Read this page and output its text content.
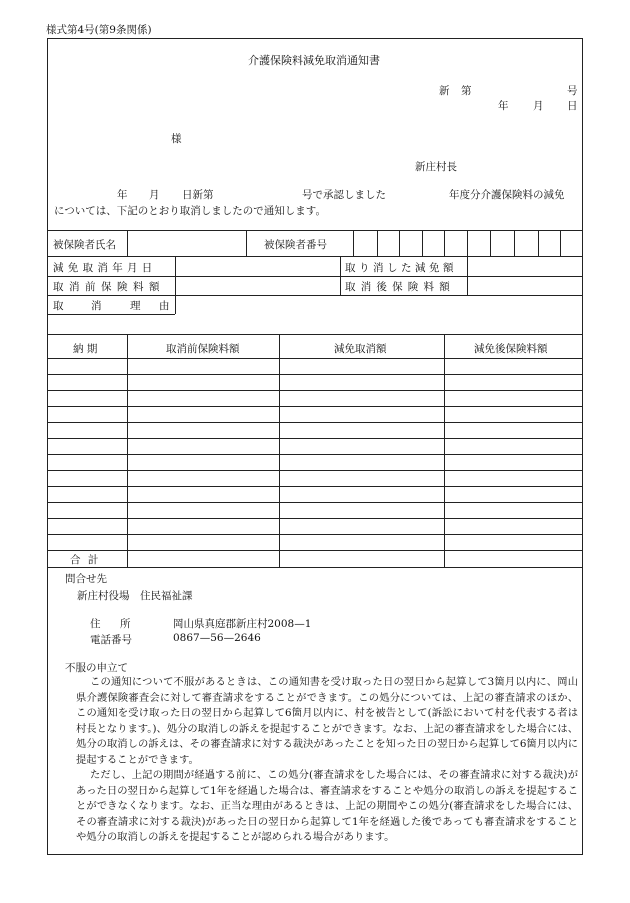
様式第4号(第9条関係)
介護保険料減免取消通知書
新 第	号
年 月 日
様
新庄村長
年 月 日新第	号で承認しました	年度分介護保険料の減免
については、下記のとおり取消しましたので通知します。
被保険者氏名	被保険者番号
減免取消年月日	取り消した減免額
取消前保険料額	取消後保険料額
取	消	理 由
納 期	取消前保険料額	減免取消額	減免後保険料額
合 計
問合せ先
新庄村役場　住民福祉課
住 所	岡山県真庭郡新庄村2008—1
電話番号	0867—56—2646
不服の申立て
この通知について不服があるときは、この通知書を受け取った日の翌日から起算して3箇月以内に、岡山県介護保険審査会に対して審査請求をすることができます。この処分については、上記の審査請求のほか、この通知を受け取った日の翌日から起算して6箇月以内に、村を被告として(訴訟において村を代表する者は村長となります。)、処分の取消しの訴えを提起することができます。なお、上記の審査請求をした場合には、処分の取消しの訴えは、その審査請求に対する裁決があったことを知った日の翌日から起算して6箇月以内に提起することができます。
ただし、上記の期間が経過する前に、この処分(審査請求をした場合には、その審査請求に対する裁決)があった日の翌日から起算して1年を経過した場合は、審査請求をすることや処分の取消しの訴えを提起することができなくなります。なお、正当な理由があるときは、上記の期間やこの処分(審査請求をした場合には、その審査請求に対する裁決)があった日の翌日から起算して1年を経過した後であっても審査請求をすることや処分の取消しの訴えを提起することが認められる場合があります。
